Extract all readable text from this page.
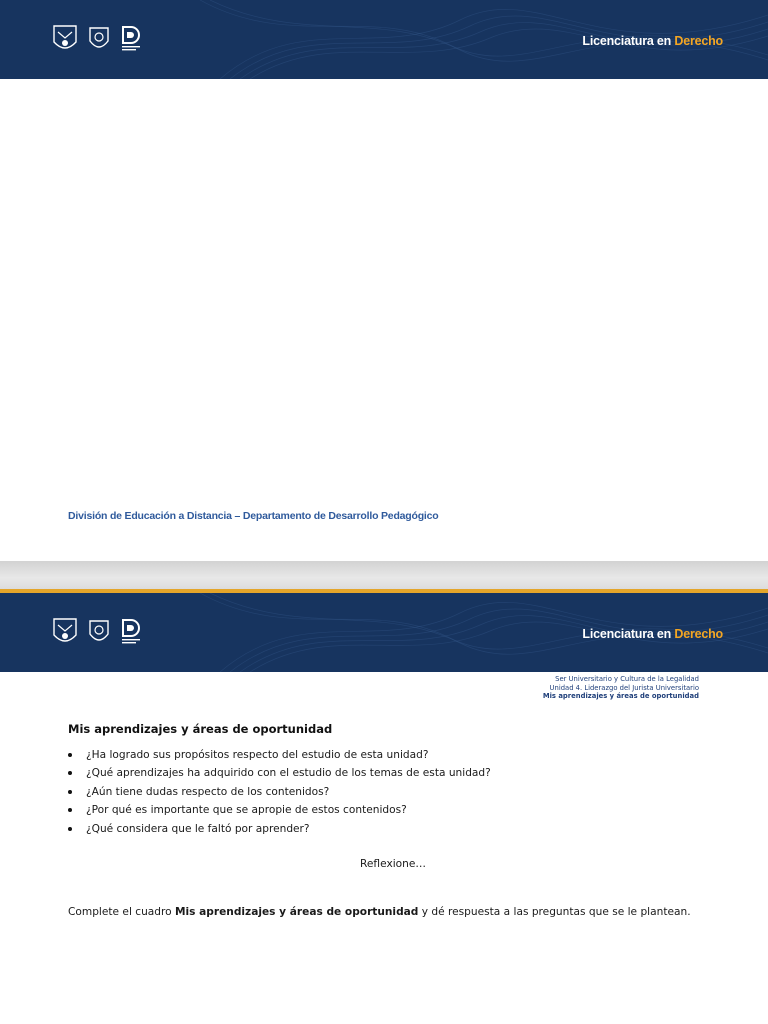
Licenciatura en Derecho
División de Educación a Distancia – Departamento de Desarrollo Pedagógico
Licenciatura en Derecho
Ser Universitario y Cultura de la Legalidad
Unidad 4. Liderazgo del Jurista Universitario
Mis aprendizajes y áreas de oportunidad
Mis aprendizajes y áreas de oportunidad
¿Ha logrado sus propósitos respecto del estudio de esta unidad?
¿Qué aprendizajes ha adquirido con el estudio de los temas de esta unidad?
¿Aún tiene dudas respecto de los contenidos?
¿Por qué es importante que se apropie de estos contenidos?
¿Qué considera que le faltó por aprender?
Reflexione…
Complete el cuadro Mis aprendizajes y áreas de oportunidad y dé respuesta a las preguntas que se le plantean.
